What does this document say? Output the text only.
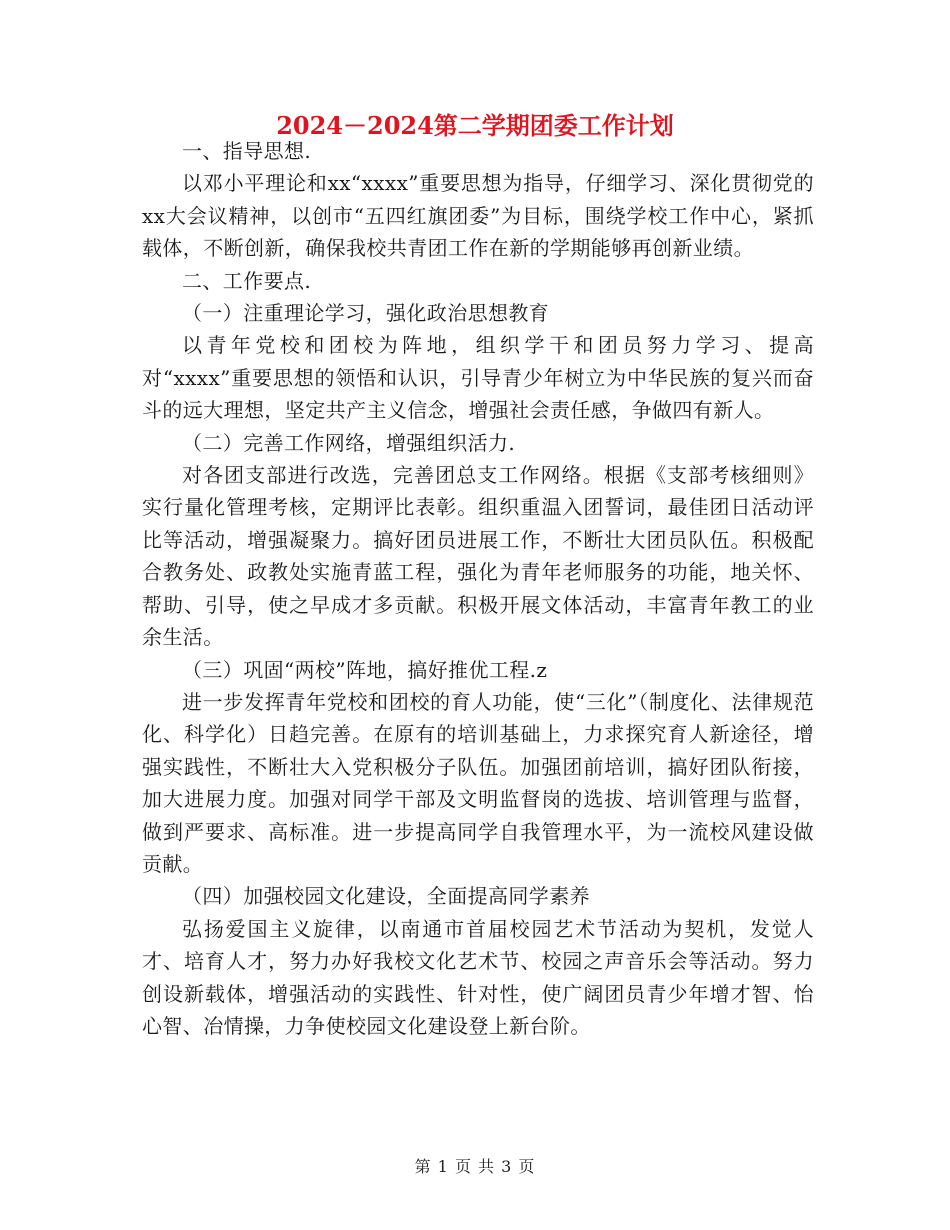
2024－2024第二学期团委工作计划

一、指导思想.

以邓小平理论和xx“xxxx”重要思想为指导，仔细学习、深化贯彻党的xx大会议精神，以创市“五四红旗团委”为目标，围绕学校工作中心，紧抓载体，不断创新，确保我校共青团工作在新的学期能够再创新业绩。

二、工作要点.

（一）注重理论学习，强化政治思想教育

以青年党校和团校为阵地，组织学干和团员努力学习、提高对“xxxx”重要思想的领悟和认识，引导青少年树立为中华民族的复兴而奋斗的远大理想，坚定共产主义信念，增强社会责任感，争做四有新人。

（二）完善工作网络，增强组织活力.

对各团支部进行改选，完善团总支工作网络。根据《支部考核细则》实行量化管理考核，定期评比表彰。组织重温入团誓词，最佳团日活动评比等活动，增强凝聚力。搞好团员进展工作，不断壮大团员队伍。积极配合教务处、政教处实施青蓝工程，强化为青年老师服务的功能，地关怀、帮助、引导，使之早成才多贡献。积极开展文体活动，丰富青年教工的业余生活。

（三）巩固“两校”阵地，搞好推优工程.z

进一步发挥青年党校和团校的育人功能，使“三化”（制度化、法律规范化、科学化）日趋完善。在原有的培训基础上，力求探究育人新途径，增强实践性，不断壮大入党积极分子队伍。加强团前培训，搞好团队衔接，加大进展力度。加强对同学干部及文明监督岗的选拔、培训管理与监督，做到严要求、高标准。进一步提高同学自我管理水平，为一流校风建设做贡献。

（四）加强校园文化建设，全面提高同学素养

弘扬爱国主义旋律，以南通市首届校园艺术节活动为契机，发觉人才、培育人才，努力办好我校文化艺术节、校园之声音乐会等活动。努力创设新载体，增强活动的实践性、针对性，使广阔团员青少年增才智、怡心智、冶情操，力争使校园文化建设登上新台阶。

第 1 页 共 3 页
